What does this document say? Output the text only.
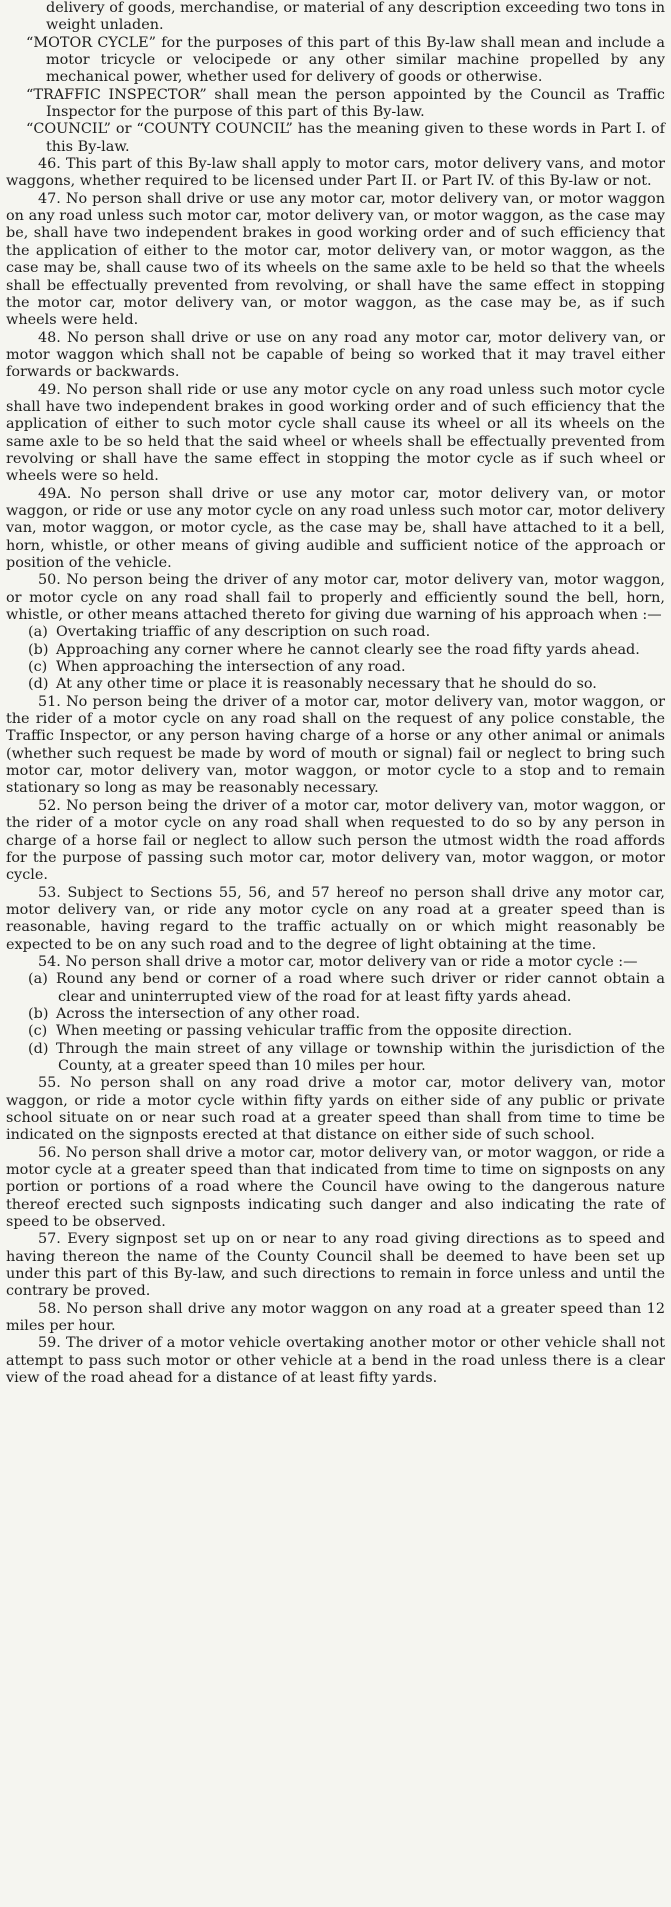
delivery of goods, merchandise, or material of any description exceeding two tons in weight unladen.

“MOTOR CYCLE” for the purposes of this part of this By-law shall mean and include a motor tricycle or velocipede or any other similar machine propelled by any mechanical power, whether used for delivery of goods or otherwise.

“TRAFFIC INSPECTOR” shall mean the person appointed by the Council as Traffic Inspector for the purpose of this part of this By-law.

“COUNCIL” or “COUNTY COUNCIL” has the meaning given to these words in Part I. of this By-law.

46. This part of this By-law shall apply to motor cars, motor delivery vans, and motor waggons, whether required to be licensed under Part II. or Part IV. of this By-law or not.

47. No person shall drive or use any motor car, motor delivery van, or motor waggon on any road unless such motor car, motor delivery van, or motor waggon, as the case may be, shall have two independent brakes in good working order and of such efficiency that the application of either to the motor car, motor delivery van, or motor waggon, as the case may be, shall cause two of its wheels on the same axle to be held so that the wheels shall be effectually prevented from revolving, or shall have the same effect in stopping the motor car, motor delivery van, or motor waggon, as the case may be, as if such wheels were held.

48. No person shall drive or use on any road any motor car, motor delivery van, or motor waggon which shall not be capable of being so worked that it may travel either forwards or backwards.

49. No person shall ride or use any motor cycle on any road unless such motor cycle shall have two independent brakes in good working order and of such efficiency that the application of either to such motor cycle shall cause its wheel or all its wheels on the same axle to be so held that the said wheel or wheels shall be effectually prevented from revolving or shall have the same effect in stopping the motor cycle as if such wheel or wheels were so held.

49A. No person shall drive or use any motor car, motor delivery van, or motor waggon, or ride or use any motor cycle on any road unless such motor car, motor delivery van, motor waggon, or motor cycle, as the case may be, shall have attached to it a bell, horn, whistle, or other means of giving audible and sufficient notice of the approach or position of the vehicle.

50. No person being the driver of any motor car, motor delivery van, motor waggon, or motor cycle on any road shall fail to properly and efficiently sound the bell, horn, whistle, or other means attached thereto for giving due warning of his approach when :—

(a) Overtaking triaffic of any description on such road.

(b) Approaching any corner where he cannot clearly see the road fifty yards ahead.

(c) When approaching the intersection of any road.

(d) At any other time or place it is reasonably necessary that he should do so.

51. No person being the driver of a motor car, motor delivery van, motor waggon, or the rider of a motor cycle on any road shall on the request of any police constable, the Traffic Inspector, or any person having charge of a horse or any other animal or animals (whether such request be made by word of mouth or signal) fail or neglect to bring such motor car, motor delivery van, motor waggon, or motor cycle to a stop and to remain stationary so long as may be reasonably necessary.

52. No person being the driver of a motor car, motor delivery van, motor waggon, or the rider of a motor cycle on any road shall when requested to do so by any person in charge of a horse fail or neglect to allow such person the utmost width the road affords for the purpose of passing such motor car, motor delivery van, motor waggon, or motor cycle.

53. Subject to Sections 55, 56, and 57 hereof no person shall drive any motor car, motor delivery van, or ride any motor cycle on any road at a greater speed than is reasonable, having regard to the traffic actually on or which might reasonably be expected to be on any such road and to the degree of light obtaining at the time.

54. No person shall drive a motor car, motor delivery van or ride a motor cycle :—

(a) Round any bend or corner of a road where such driver or rider cannot obtain a clear and uninterrupted view of the road for at least fifty yards ahead.

(b) Across the intersection of any other road.

(c) When meeting or passing vehicular traffic from the opposite direction.

(d) Through the main street of any village or township within the jurisdiction of the County, at a greater speed than 10 miles per hour.

55. No person shall on any road drive a motor car, motor delivery van, motor waggon, or ride a motor cycle within fifty yards on either side of any public or private school situate on or near such road at a greater speed than shall from time to time be indicated on the signposts erected at that distance on either side of such school.

56. No person shall drive a motor car, motor delivery van, or motor waggon, or ride a motor cycle at a greater speed than that indicated from time to time on signposts on any portion or portions of a road where the Council have owing to the dangerous nature thereof erected such signposts indicating such danger and also indicating the rate of speed to be observed.

57. Every signpost set up on or near to any road giving directions as to speed and having thereon the name of the County Council shall be deemed to have been set up under this part of this By-law, and such directions to remain in force unless and until the contrary be proved.

58. No person shall drive any motor waggon on any road at a greater speed than 12 miles per hour.

59. The driver of a motor vehicle overtaking another motor or other vehicle shall not attempt to pass such motor or other vehicle at a bend in the road unless there is a clear view of the road ahead for a distance of at least fifty yards.
